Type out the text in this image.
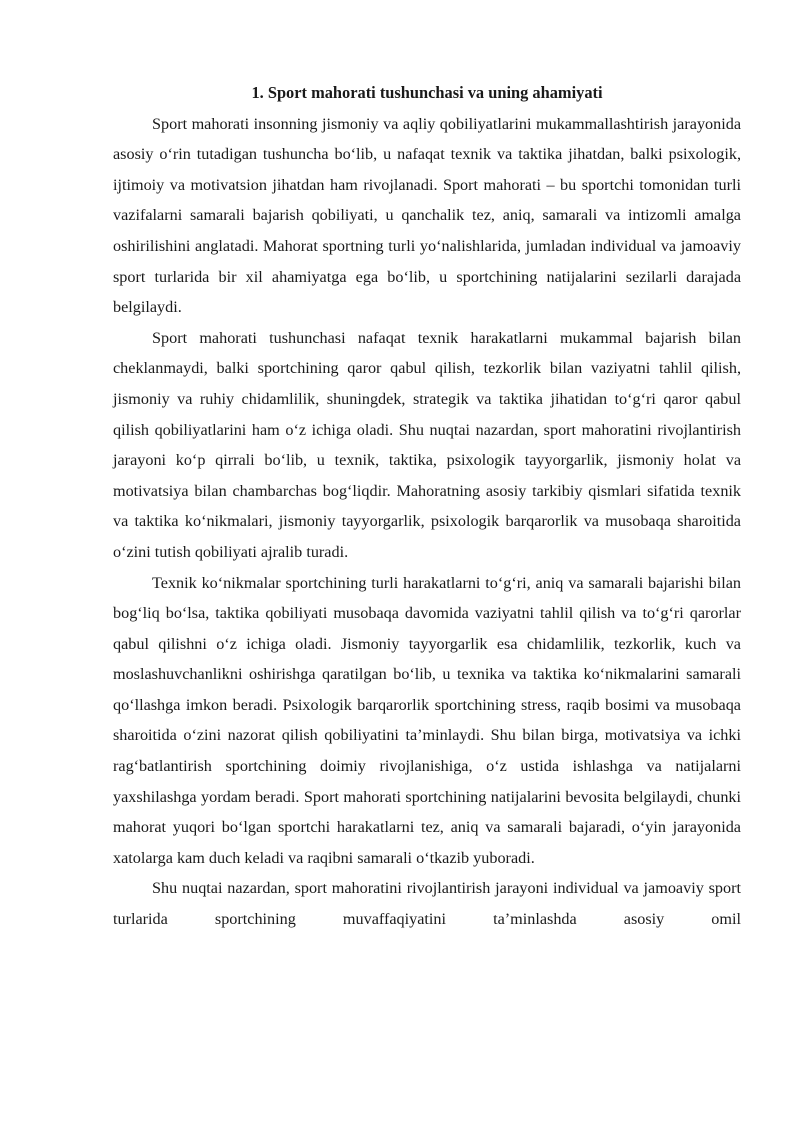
1. Sport mahorati tushunchasi va uning ahamiyati

Sport mahorati insonning jismoniy va aqliy qobiliyatlarini mukammallashtirish jarayonida asosiy o‘rin tutadigan tushuncha bo‘lib, u nafaqat texnik va taktika jihatdan, balki psixologik, ijtimoiy va motivatsion jihatdan ham rivojlanadi. Sport mahorati – bu sportchi tomonidan turli vazifalarni samarali bajarish qobiliyati, u qanchalik tez, aniq, samarali va intizomli amalga oshirilishini anglatadi. Mahorat sportning turli yo‘nalishlarida, jumladan individual va jamoaviy sport turlarida bir xil ahamiyatga ega bo‘lib, u sportchining natijalarini sezilarli darajada belgilaydi.

Sport mahorati tushunchasi nafaqat texnik harakatlarni mukammal bajarish bilan cheklanmaydi, balki sportchining qaror qabul qilish, tezkorlik bilan vaziyatni tahlil qilish, jismoniy va ruhiy chidamlilik, shuningdek, strategik va taktika jihatidan to‘g‘ri qaror qabul qilish qobiliyatlarini ham o‘z ichiga oladi. Shu nuqtai nazardan, sport mahoratini rivojlantirish jarayoni ko‘p qirrali bo‘lib, u texnik, taktika, psixologik tayyorgarlik, jismoniy holat va motivatsiya bilan chambarchas bog‘liqdir. Mahoratning asosiy tarkibiy qismlari sifatida texnik va taktika ko‘nikmalari, jismoniy tayyorgarlik, psixologik barqarorlik va musobaqa sharoitida o‘zini tutish qobiliyati ajralib turadi.

Texnik ko‘nikmalar sportchining turli harakatlarni to‘g‘ri, aniq va samarali bajarishi bilan bog‘liq bo‘lsa, taktika qobiliyati musobaqa davomida vaziyatni tahlil qilish va to‘g‘ri qarorlar qabul qilishni o‘z ichiga oladi. Jismoniy tayyorgarlik esa chidamlilik, tezkorlik, kuch va moslashuvchanlikni oshirishga qaratilgan bo‘lib, u texnika va taktika ko‘nikmalarini samarali qo‘llashga imkon beradi. Psixologik barqarorlik sportchining stress, raqib bosimi va musobaqa sharoitida o‘zini nazorat qilish qobiliyatini ta’minlaydi. Shu bilan birga, motivatsiya va ichki rag‘batlantirish sportchining doimiy rivojlanishiga, o‘z ustida ishlashga va natijalarni yaxshilashga yordam beradi. Sport mahorati sportchining natijalarini bevosita belgilaydi, chunki mahorat yuqori bo‘lgan sportchi harakatlarni tez, aniq va samarali bajaradi, o‘yin jarayonida xatolarga kam duch keladi va raqibni samarali o‘tkazib yuboradi.

Shu nuqtai nazardan, sport mahoratini rivojlantirish jarayoni individual va jamoaviy sport turlarida sportchining muvaffaqiyatini ta’minlashda asosiy omil
